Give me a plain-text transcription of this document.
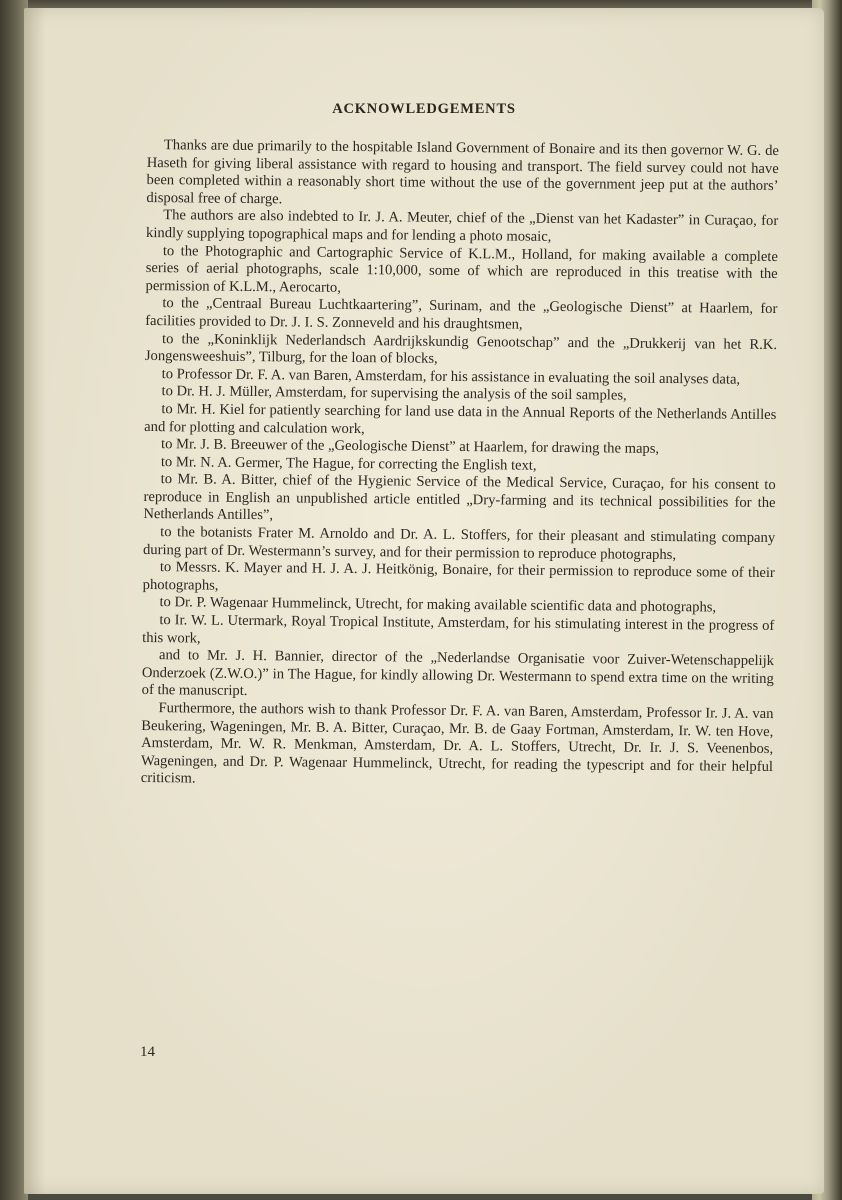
ACKNOWLEDGEMENTS

Thanks are due primarily to the hospitable Island Government of Bonaire and its then governor W. G. de Haseth for giving liberal assistance with regard to housing and transport. The field survey could not have been completed within a reasonably short time without the use of the government jeep put at the authors’ disposal free of charge.

The authors are also indebted to Ir. J. A. Meuter, chief of the „Dienst van het Kadaster” in Curaçao, for kindly supplying topographical maps and for lending a photo mosaic,

to the Photographic and Cartographic Service of K.L.M., Holland, for making available a complete series of aerial photographs, scale 1:10,000, some of which are reproduced in this treatise with the permission of K.L.M., Aerocarto,

to the „Centraal Bureau Luchtkaartering”, Surinam, and the „Geologische Dienst” at Haarlem, for facilities provided to Dr. J. I. S. Zonneveld and his draughtsmen,

to the „Koninklijk Nederlandsch Aardrijkskundig Genootschap” and the „Drukkerij van het R.K. Jongensweeshuis”, Tilburg, for the loan of blocks,

to Professor Dr. F. A. van Baren, Amsterdam, for his assistance in evaluating the soil analyses data,

to Dr. H. J. Müller, Amsterdam, for supervising the analysis of the soil samples,

to Mr. H. Kiel for patiently searching for land use data in the Annual Reports of the Netherlands Antilles and for plotting and calculation work,

to Mr. J. B. Breeuwer of the „Geologische Dienst” at Haarlem, for drawing the maps,

to Mr. N. A. Germer, The Hague, for correcting the English text,

to Mr. B. A. Bitter, chief of the Hygienic Service of the Medical Service, Curaçao, for his consent to reproduce in English an unpublished article entitled „Dry-farming and its technical possibilities for the Netherlands Antilles”,

to the botanists Frater M. Arnoldo and Dr. A. L. Stoffers, for their pleasant and stimulating company during part of Dr. Westermann’s survey, and for their permission to reproduce photographs,

to Messrs. K. Mayer and H. J. A. J. Heitkönig, Bonaire, for their permission to reproduce some of their photographs,

to Dr. P. Wagenaar Hummelinck, Utrecht, for making available scientific data and photographs,

to Ir. W. L. Utermark, Royal Tropical Institute, Amsterdam, for his stimulating interest in the progress of this work,

and to Mr. J. H. Bannier, director of the „Nederlandse Organisatie voor Zuiver-Wetenschappelijk Onderzoek (Z.W.O.)” in The Hague, for kindly allowing Dr. Westermann to spend extra time on the writing of the manuscript.

Furthermore, the authors wish to thank Professor Dr. F. A. van Baren, Amsterdam, Professor Ir. J. A. van Beukering, Wageningen, Mr. B. A. Bitter, Curaçao, Mr. B. de Gaay Fortman, Amsterdam, Ir. W. ten Hove, Amsterdam, Mr. W. R. Menkman, Amsterdam, Dr. A. L. Stoffers, Utrecht, Dr. Ir. J. S. Veenenbos, Wageningen, and Dr. P. Wagenaar Hummelinck, Utrecht, for reading the typescript and for their helpful criticism.

14
